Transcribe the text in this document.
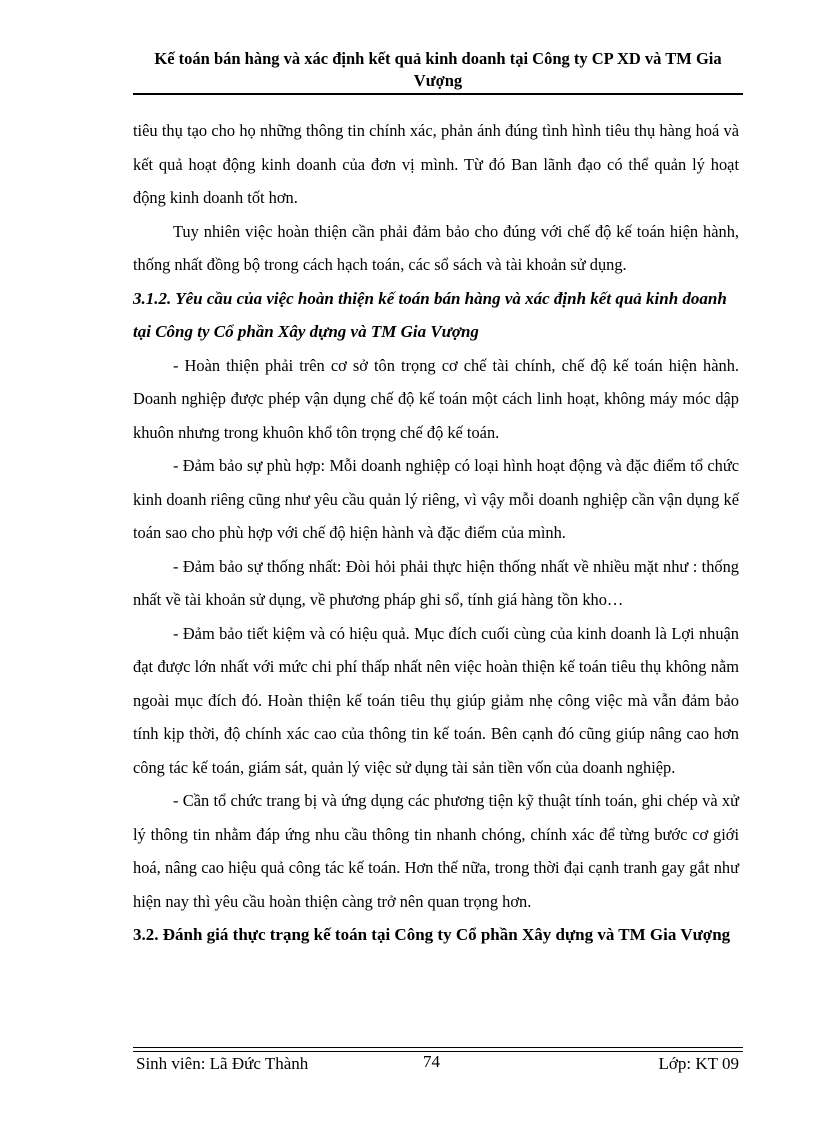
Kế toán bán hàng và xác định kết quả kinh doanh tại Công ty CP XD và TM Gia Vượng

tiêu thụ tạo cho họ những thông tin chính xác, phản ánh đúng tình hình tiêu thụ hàng hoá và kết quả hoạt động kinh doanh của đơn vị mình. Từ đó Ban lãnh đạo có thể quản lý hoạt động kinh doanh tốt hơn.

Tuy nhiên việc hoàn thiện cần phải đảm bảo cho đúng với chế độ kế toán hiện hành, thống nhất đồng bộ trong cách hạch toán, các sổ sách và tài khoản sử dụng.

3.1.2. Yêu cầu của việc hoàn thiện kế toán bán hàng và xác định kết quả kinh doanh tại Công ty Cổ phần Xây dựng và TM Gia Vượng

- Hoàn thiện phải trên cơ sở tôn trọng cơ chế tài chính, chế độ kế toán hiện hành. Doanh nghiệp được phép vận dụng chế độ kế toán một cách linh hoạt, không máy móc dập khuôn nhưng trong khuôn khổ tôn trọng chế độ kế toán.

- Đảm bảo sự phù hợp: Mỗi doanh nghiệp có loại hình hoạt động và đặc điểm tổ chức kinh doanh riêng cũng như yêu cầu quản lý riêng, vì vậy mỗi doanh nghiệp cần vận dụng kế toán sao cho phù hợp với chế độ hiện hành và đặc điểm của mình.

- Đảm bảo sự thống nhất: Đòi hỏi phải thực hiện thống nhất về nhiều mặt như : thống nhất về tài khoản sử dụng, về phương pháp ghi sổ, tính giá hàng tồn kho…

- Đảm bảo tiết kiệm và có hiệu quả. Mục đích cuối cùng của kinh doanh là Lợi nhuận đạt được lớn nhất với mức chi phí thấp nhất nên việc hoàn thiện kế toán tiêu thụ không nằm ngoài mục đích đó. Hoàn thiện kế toán tiêu thụ giúp giảm nhẹ công việc mà vẫn đảm bảo tính kịp thời, độ chính xác cao của thông tin kế toán. Bên cạnh đó cũng giúp nâng cao hơn công tác kế toán, giám sát, quản lý việc sử dụng tài sản tiền vốn của doanh nghiệp.

- Cần tổ chức trang bị và ứng dụng các phương tiện kỹ thuật tính toán, ghi chép và xử lý thông tin nhằm đáp ứng nhu cầu thông tin nhanh chóng, chính xác để từng bước cơ giới hoá, nâng cao hiệu quả công tác kế toán. Hơn thế nữa, trong thời đại cạnh tranh gay gắt như hiện nay thì yêu cầu hoàn thiện càng trở nên quan trọng hơn.

3.2. Đánh giá thực trạng kế toán tại Công ty Cổ phần Xây dựng và TM Gia Vượng

Sinh viên: Lã Đức Thành	74	Lớp: KT 09
